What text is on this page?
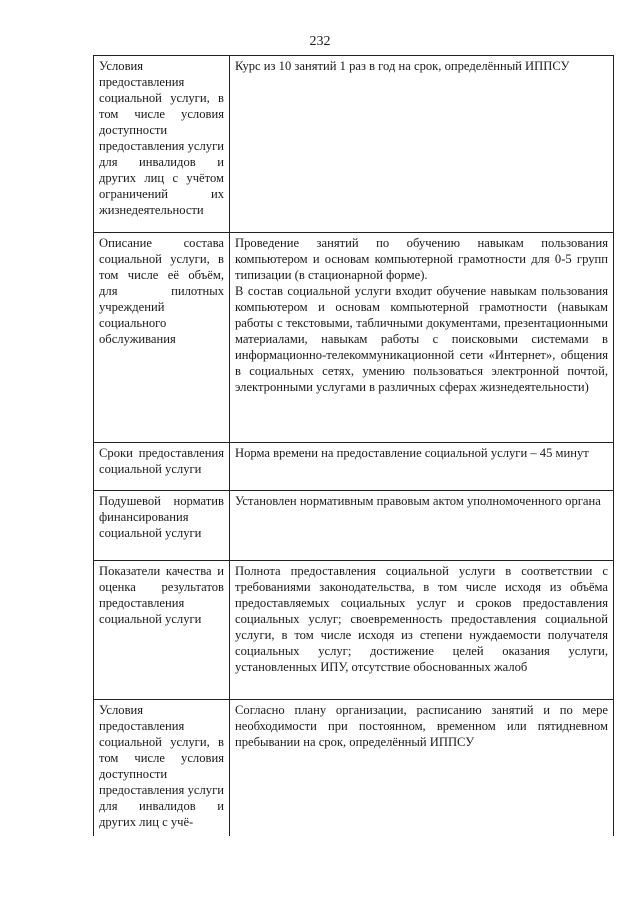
232
Условия предоставления социальной услуги, в том числе условия доступности предоставления услуги для инвалидов и других лиц с учётом ограничений их жизнедеятельности	Курс из 10 занятий 1 раз в год на срок, определённый ИППСУ

Описание состава социальной услуги, в том числе её объём, для пилотных учреждений социального обслуживания	Проведение занятий по обучению навыкам пользования компьютером и основам компьютерной грамотности для 0-5 групп типизации (в стационарной форме).
В состав социальной услуги входит обучение навыкам пользования компьютером и основам компьютерной грамотности (навыкам работы с текстовыми, табличными документами, презентационными материалами, навыкам работы с поисковыми системами в информационно-телекоммуникационной сети «Интернет», общения в социальных сетях, умению пользоваться электронной почтой, электронными услугами в различных сферах жизнедеятельности)

Сроки предоставления социальной услуги	Норма времени на предоставление социальной услуги – 45 минут

Подушевой норматив финансирования социальной услуги	Установлен нормативным правовым актом уполномоченного органа

Показатели качества и оценка результатов предоставления социальной услуги	Полнота предоставления социальной услуги в соответствии с требованиями законодательства, в том числе исходя из объёма предоставляемых социальных услуг и сроков предоставления социальных услуг; своевременность предоставления социальной услуги, в том числе исходя из степени нуждаемости получателя социальных услуг; достижение целей оказания услуги, установленных ИПУ, отсутствие обоснованных жалоб

Условия предоставления социальной услуги, в том числе условия доступности предоставления услуги для инвалидов и других лиц с учё-	Согласно плану организации, расписанию занятий и по мере необходимости при постоянном, временном или пятидневном пребывании на срок, определённый ИППСУ
